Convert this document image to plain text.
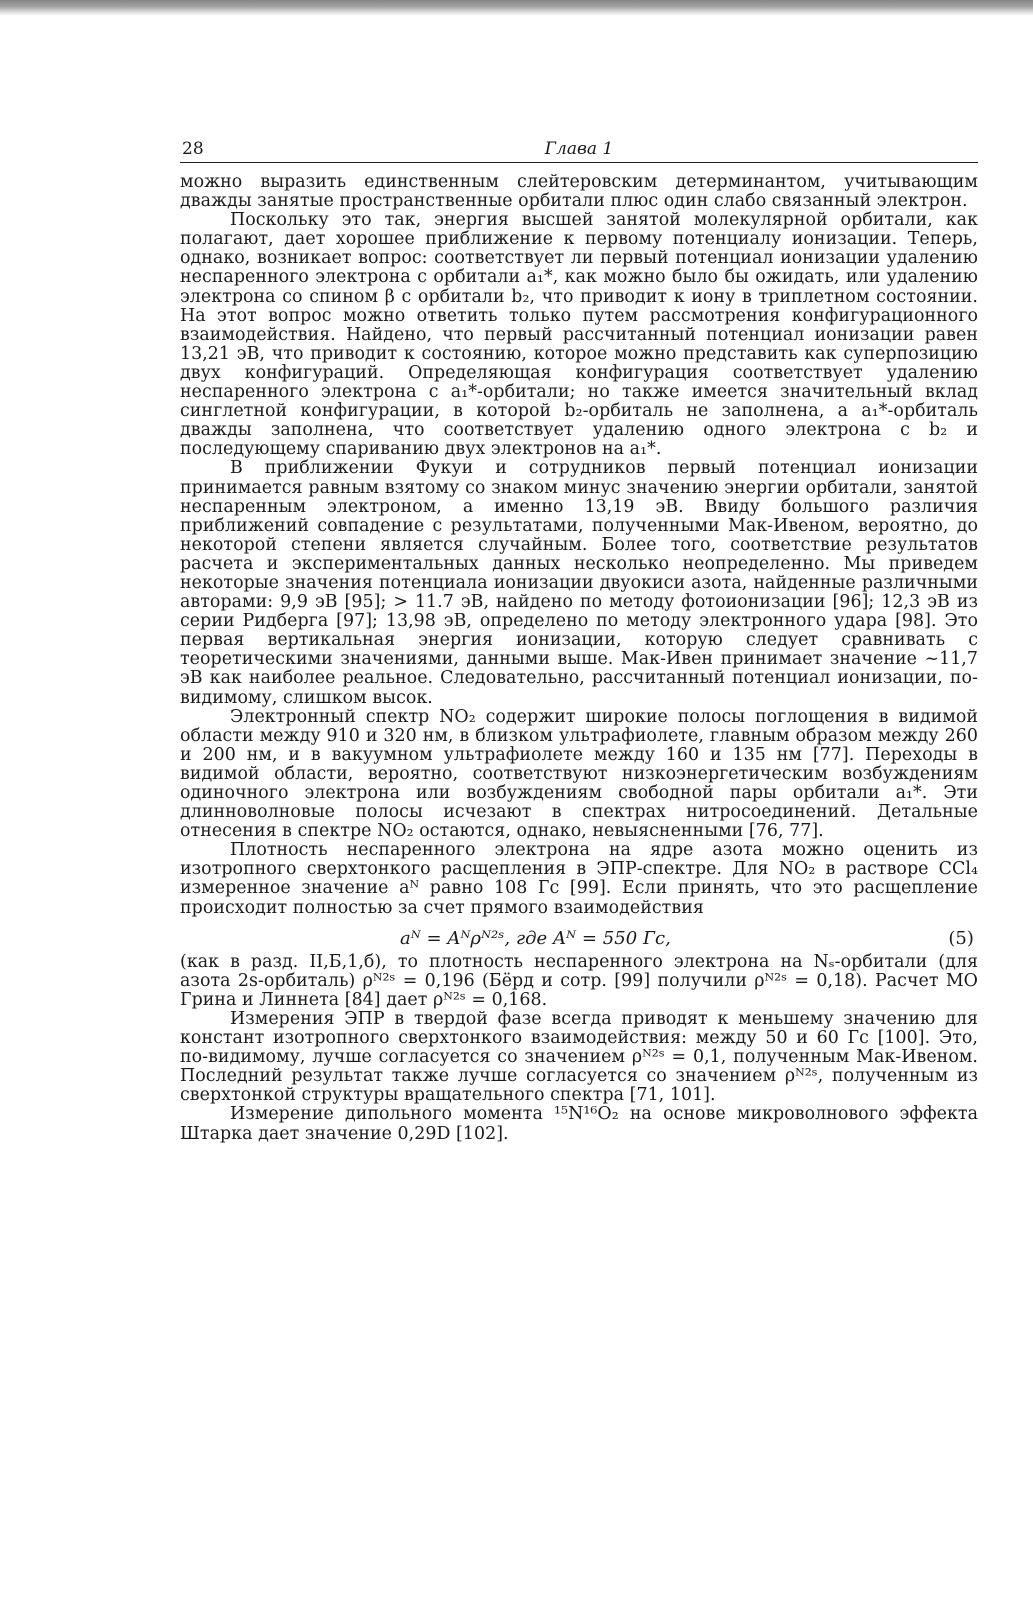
28	Глава 1

можно выразить единственным слейтеровским детерминантом, учитывающим дважды занятые пространственные орбитали плюс один слабо связанный электрон.

Поскольку это так, энергия высшей занятой молекулярной орбитали, как полагают, дает хорошее приближение к первому потенциалу ионизации. Теперь, однако, возникает вопрос: соответствует ли первый потенциал ионизации удалению неспаренного электрона с орбитали a₁*, как можно было бы ожидать, или удалению электрона со спином β с орбитали b₂, что приводит к иону в триплетном состоянии. На этот вопрос можно ответить только путем рассмотрения конфигурационного взаимодействия. Найдено, что первый рассчитанный потенциал ионизации равен 13,21 эВ, что приводит к состоянию, которое можно представить как суперпозицию двух конфигураций. Определяющая конфигурация соответствует удалению неспаренного электрона с a₁*-орбитали; но также имеется значительный вклад синглетной конфигурации, в которой b₂-орбиталь не заполнена, а a₁*-орбиталь дважды заполнена, что соответствует удалению одного электрона с b₂ и последующему спариванию двух электронов на a₁*.

В приближении Фукуи и сотрудников первый потенциал ионизации принимается равным взятому со знаком минус значению энергии орбитали, занятой неспаренным электроном, а именно 13,19 эВ. Ввиду большого различия приближений совпадение с результатами, полученными Мак-Ивеном, вероятно, до некоторой степени является случайным. Более того, соответствие результатов расчета и экспериментальных данных несколько неопределенно. Мы приведем некоторые значения потенциала ионизации двуокиси азота, найденные различными авторами: 9,9 эВ [95]; > 11.7 эВ, найдено по методу фотоионизации [96]; 12,3 эВ из серии Ридберга [97]; 13,98 эВ, определено по методу электронного удара [98]. Это первая вертикальная энергия ионизации, которую следует сравнивать с теоретическими значениями, данными выше. Мак-Ивен принимает значение ~11,7 эВ как наиболее реальное. Следовательно, рассчитанный потенциал ионизации, по-видимому, слишком высок.

Электронный спектр NO₂ содержит широкие полосы поглощения в видимой области между 910 и 320 нм, в близком ультрафиолете, главным образом между 260 и 200 нм, и в вакуумном ультрафиолете между 160 и 135 нм [77]. Переходы в видимой области, вероятно, соответствуют низкоэнергетическим возбуждениям одиночного электрона или возбуждениям свободной пары орбитали a₁*. Эти длинноволновые полосы исчезают в спектрах нитросоединений. Детальные отнесения в спектре NO₂ остаются, однако, невыясненными [76, 77].

Плотность неспаренного электрона на ядре азота можно оценить из изотропного сверхтонкого расщепления в ЭПР-спектре. Для NO₂ в растворе CCl₄ измеренное значение aᴺ равно 108 Гс [99]. Если принять, что это расщепление происходит полностью за счет прямого взаимодействия

aᴺ = Aᴺρᴺ²ˢ, где Aᴺ = 550 Гс,	(5)

(как в разд. II,Б,1,б), то плотность неспаренного электрона на Nₛ-орбитали (для азота 2s-орбиталь) ρᴺ²ˢ = 0,196 (Бёрд и сотр. [99] получили ρᴺ²ˢ = 0,18). Расчет МО Грина и Линнета [84] дает ρᴺ²ˢ = 0,168.

Измерения ЭПР в твердой фазе всегда приводят к меньшему значению для констант изотропного сверхтонкого взаимодействия: между 50 и 60 Гс [100]. Это, по-видимому, лучше согласуется со значением ρᴺ²ˢ = 0,1, полученным Мак-Ивеном. Последний результат также лучше согласуется со значением ρᴺ²ˢ, полученным из сверхтонкой структуры вращательного спектра [71, 101].

Измерение дипольного момента ¹⁵N¹⁶O₂ на основе микроволнового эффекта Штарка дает значение 0,29D [102].
